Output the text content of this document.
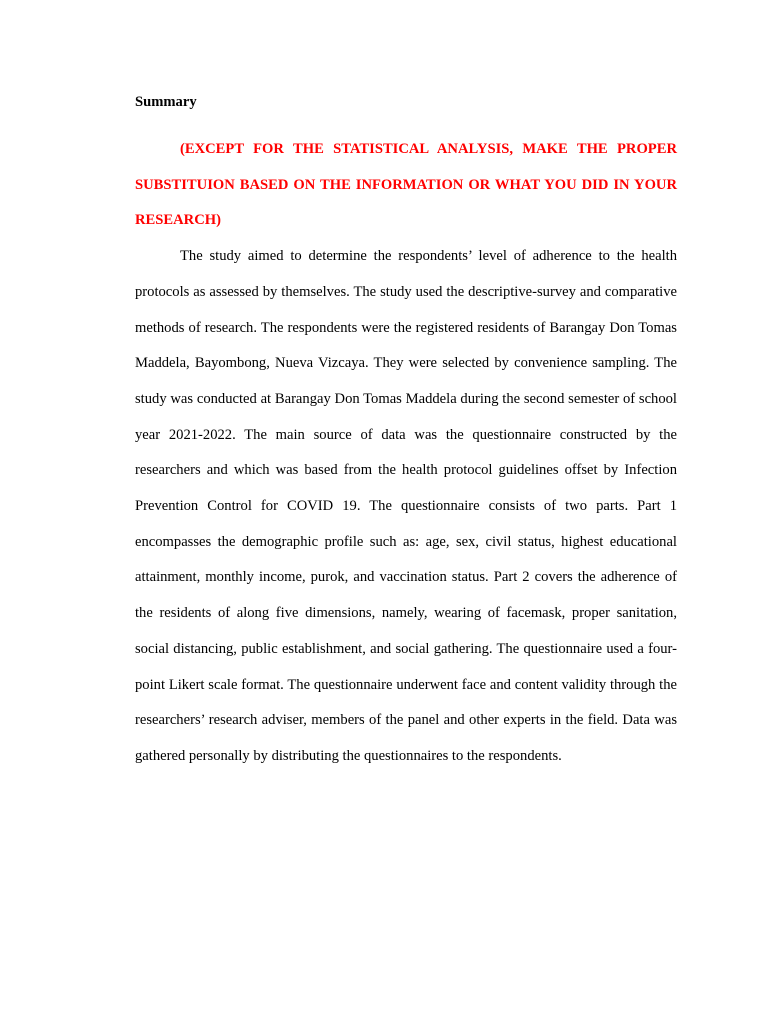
Summary

(EXCEPT FOR THE STATISTICAL ANALYSIS, MAKE THE PROPER SUBSTITUION BASED ON THE INFORMATION OR WHAT YOU DID IN YOUR RESEARCH)

The study aimed to determine the respondents’ level of adherence to the health protocols as assessed by themselves. The study used the descriptive-survey and comparative methods of research. The respondents were the registered residents of Barangay Don Tomas Maddela, Bayombong, Nueva Vizcaya. They were selected by convenience sampling. The study was conducted at Barangay Don Tomas Maddela during the second semester of school year 2021-2022. The main source of data was the questionnaire constructed by the researchers and which was based from the health protocol guidelines offset by Infection Prevention Control for COVID 19. The questionnaire consists of two parts. Part 1 encompasses the demographic profile such as: age, sex, civil status, highest educational attainment, monthly income, purok, and vaccination status. Part 2 covers the adherence of the residents of along five dimensions, namely, wearing of facemask, proper sanitation, social distancing, public establishment, and social gathering. The questionnaire used a four-point Likert scale format. The questionnaire underwent face and content validity through the researchers’ research adviser, members of the panel and other experts in the field. Data was gathered personally by distributing the questionnaires to the respondents.
